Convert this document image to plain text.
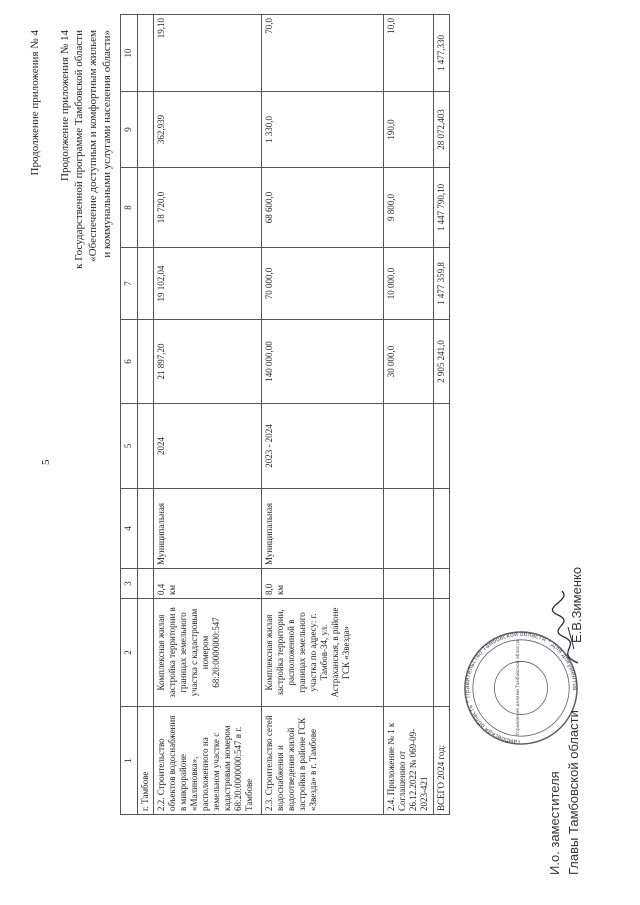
5
Продолжение приложения № 4 Продолжение приложения № 14 к Государственной программе Тамбовской области «Обеспечение доступным и комфортным жильем и коммунальными услугами населения области»
1	2	3	4	5	6	7	8	9	10
г. Тамбове									
2.2. Строительство объектов водоснабжения в микрорайоне «Малиновка», расположенного на земельном участке с кадастровым номером 68:20:0000000:547 в г. Тамбове	Комплексная жилая застройка территории в границах земельного участка с кадастровым номером 68:20:0000000:547	0,4 км	Муниципальная	2024	21 897,20	19 102,04	18 720,0	362,939	19,10
2.3. Строительство сетей водоснабжения и водоотведения жилой застройки в районе ГСК «Звезда» в г. Тамбове	Комплексная жилая застройка территории, расположенной в границах земельного участка по адресу: г. Тамбов-34, ул. Астраханская, в районе ГСК «Звезда»	8,0 км	Муниципальная	2023 - 2024	140 000,00	70 000,0	68 600,0	1 330,0	70,0
2.4. Приложение № 1 к Соглашению от 26.12.2022 № 069-09-2023-421					30 000,0	10 000,0	9 800,0	190,0	10,0
ВСЕГО 2024 год:					2 905 241,0	1 477 359,8	1 447 790,10	28 072,403	1 477,330
Тамбовская область * Правительство Тамбовской области * Для документов
Управление делами Тамбовской области
И.о. заместителя Главы Тамбовской области
Е.В.Зименко
